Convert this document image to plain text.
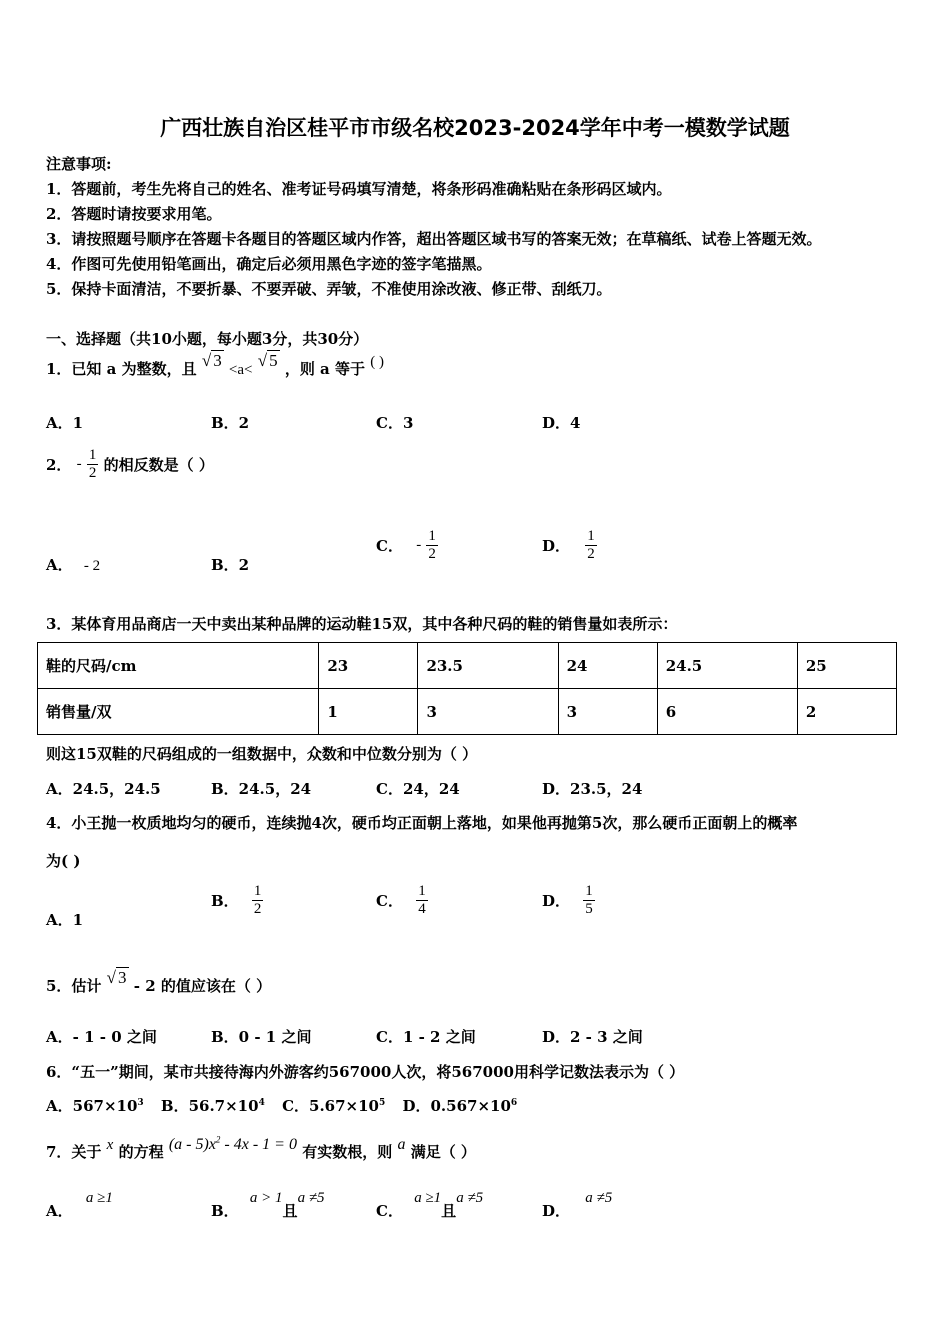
广西壮族自治区桂平市市级名校2023-2024学年中考一模数学试题
注意事项:
1．答题前，考生先将自己的姓名、准考证号码填写清楚，将条形码准确粘贴在条形码区域内。
2．答题时请按要求用笔。
3．请按照题号顺序在答题卡各题目的答题区域内作答，超出答题区域书写的答案无效；在草稿纸、试卷上答题无效。
4．作图可先使用铅笔画出，确定后必须用黑色字迹的签字笔描黑。
5．保持卡面清洁，不要折暴、不要弄破、弄皱，不准使用涂改液、修正带、刮纸刀。
一、选择题（共10小题，每小题3分，共30分）
1．已知 a 为整数，且 √ 3 <a< √ 5 ，则 a 等于 ( )
A．1	B．2	C．3	D．4
2． - $\frac{1}{2}$ 的相反数是（ ）
A． - 2	B．2
C． - $\frac{1}{2}$	D． $\frac{1}{2}$
3．某体育用品商店一天中卖出某种品牌的运动鞋15双，其中各种尺码的鞋的销售量如表所示：
鞋的尺码/cm	23	23.5	24	24.5	25
销售量/双	1	3	3	6	2
则这15双鞋的尺码组成的一组数据中，众数和中位数分别为（ ）
A．24.5，24.5	B．24.5，24	C．24，24	D．23.5，24
4．小王抛一枚质地均匀的硬币，连续抛4次，硬币均正面朝上落地，如果他再抛第5次，那么硬币正面朝上的概率
为( )
A．1
B． $\frac{1}{2}$	C． $\frac{1}{4}$	D． $\frac{1}{5}$
5．估计 √ 3 - 2 的值应该在（ ）
A．- 1 - 0 之间	B．0 - 1 之间	C．1 - 2 之间	D．2 - 3 之间
6．“五一”期间，某市共接待海内外游客约567000人次，将567000用科学记数法表示为（ ）
A．$567\times 10^3$ B．$56.7\times 10^4$ C．$5.67\times 10^5$ D．$0.567\times 10^6$
7．关于 x 的方程 $(a - 5)x^2 - 4x - 1 = 0$ 有实数根，则 a 满足（ ）
A． a ≥1
B． a > 1且a ≠5
C． a ≥1且a ≠5
D． a ≠5
